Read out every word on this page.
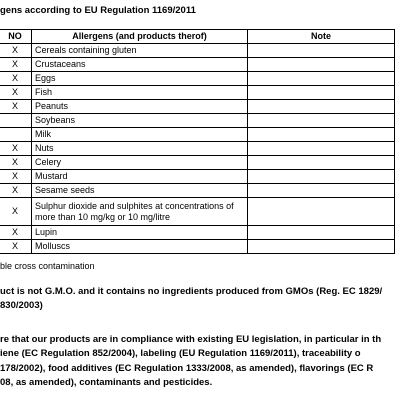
gens according to EU Regulation 1169/2011
NO	Allergens (and products therof)	Note
X	Cereals containing gluten	
X	Crustaceans	
X	Eggs	
X	Fish	
X	Peanuts	
	Soybeans	
	Milk	
X	Nuts	
X	Celery	
X	Mustard	
X	Sesame seeds	
X	Sulphur dioxide and sulphites at concentrations of more than 10 mg/kg or 10 mg/litre	
X	Lupin	
X	Molluscs	
ble cross contamination

uct is not G.M.O. and it contains no ingredients produced from GMOs (Reg. EC 1829/

830/2003)

re that our products are in compliance with existing EU legislation, in particular in th

iene (EC Regulation 852/2004), labeling (EU Regulation 1169/2011), traceability o

178/2002), food additives (EC Regulation 1333/2008, as amended), flavorings (EC R

08, as amended), contaminants and pesticides.
